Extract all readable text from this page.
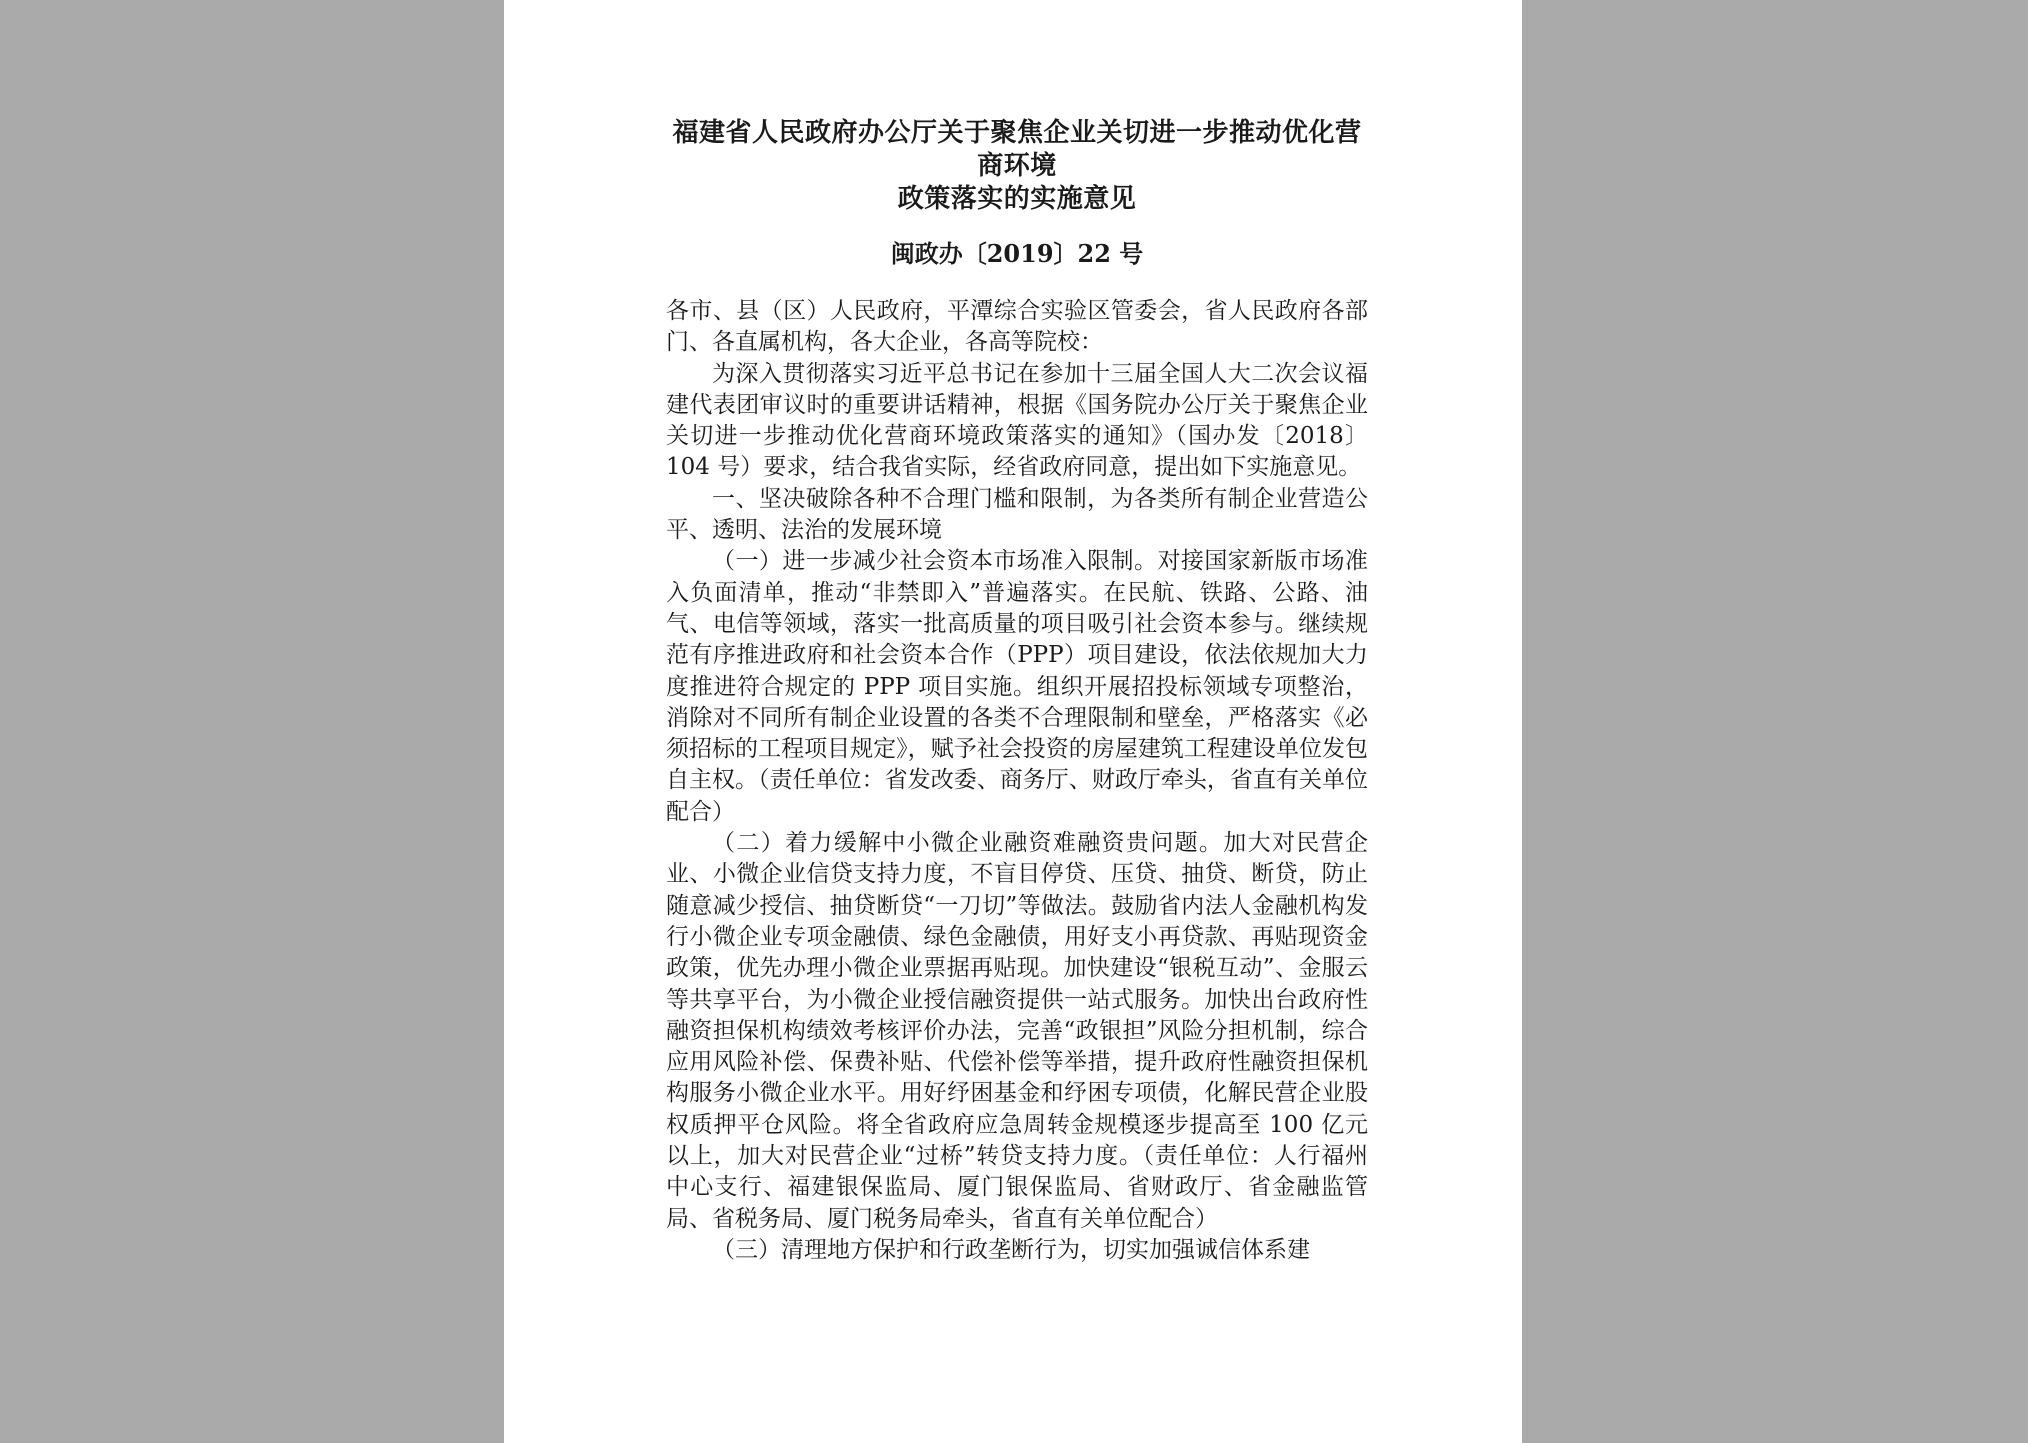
福建省人民政府办公厅关于聚焦企业关切进一步推动优化营商环境
政策落实的实施意见
闽政办〔2019〕22 号

各市、县（区）人民政府，平潭综合实验区管委会，省人民政府各部门、各直属机构，各大企业，各高等院校：

为深入贯彻落实习近平总书记在参加十三届全国人大二次会议福建代表团审议时的重要讲话精神，根据《国务院办公厅关于聚焦企业关切进一步推动优化营商环境政策落实的通知》（国办发〔2018〕104 号）要求，结合我省实际，经省政府同意，提出如下实施意见。

一、坚决破除各种不合理门槛和限制，为各类所有制企业营造公平、透明、法治的发展环境

（一）进一步减少社会资本市场准入限制。对接国家新版市场准入负面清单，推动“非禁即入”普遍落实。在民航、铁路、公路、油气、电信等领域，落实一批高质量的项目吸引社会资本参与。继续规范有序推进政府和社会资本合作（PPP）项目建设，依法依规加大力度推进符合规定的 PPP 项目实施。组织开展招投标领域专项整治，消除对不同所有制企业设置的各类不合理限制和壁垒，严格落实《必须招标的工程项目规定》，赋予社会投资的房屋建筑工程建设单位发包自主权。（责任单位：省发改委、商务厅、财政厅牵头，省直有关单位配合）

（二）着力缓解中小微企业融资难融资贵问题。加大对民营企业、小微企业信贷支持力度，不盲目停贷、压贷、抽贷、断贷，防止随意减少授信、抽贷断贷“一刀切”等做法。鼓励省内法人金融机构发行小微企业专项金融债、绿色金融债，用好支小再贷款、再贴现资金政策，优先办理小微企业票据再贴现。加快建设“银税互动”、金服云等共享平台，为小微企业授信融资提供一站式服务。加快出台政府性融资担保机构绩效考核评价办法，完善“政银担”风险分担机制，综合应用风险补偿、保费补贴、代偿补偿等举措，提升政府性融资担保机构服务小微企业水平。用好纾困基金和纾困专项债，化解民营企业股权质押平仓风险。将全省政府应急周转金规模逐步提高至 100 亿元以上，加大对民营企业“过桥”转贷支持力度。（责任单位：人行福州中心支行、福建银保监局、厦门银保监局、省财政厅、省金融监管局、省税务局、厦门税务局牵头，省直有关单位配合）

（三）清理地方保护和行政垄断行为，切实加强诚信体系建
